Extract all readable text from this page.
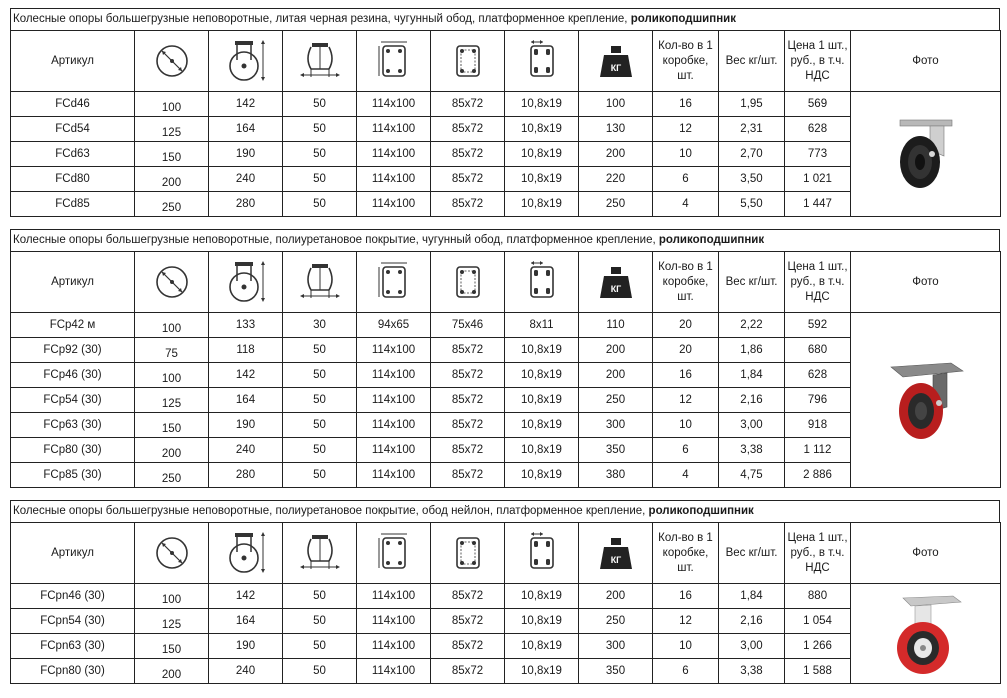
Колесные опоры большегрузные неповоротные, литая черная резина, чугунный обод, платформенное крепление, роликоподшипник
Артикул							КГ	Кол-во в 1 коробке, шт.	Вес кг/шт.	Цена 1 шт., руб., в т.ч. НДС	Фото
FCd46	100	142	50	114x100	85x72	10,8x19	100	16	1,95	569	

FCd54	125	164	50	114x100	85x72	10,8x19	130	12	2,31	628	
FCd63	150	190	50	114x100	85x72	10,8x19	200	10	2,70	773	
FCd80	200	240	50	114x100	85x72	10,8x19	220	6	3,50	1 021	
FCd85	250	280	50	114x100	85x72	10,8x19	250	4	5,50	1 447	
Колесные опоры большегрузные неповоротные, полиуретановое покрытие, чугунный обод, платформенное крепление, роликоподшипник
Артикул							КГ	Кол-во в 1 коробке, шт.	Вес кг/шт.	Цена 1 шт., руб., в т.ч. НДС	Фото
FCp42 м	100	133	30	94x65	75x46	8x11	110	20	2,22	592	

FCp92 (30)	75	118	50	114x100	85x72	10,8x19	200	20	1,86	680	
FCp46 (30)	100	142	50	114x100	85x72	10,8x19	200	16	1,84	628	
FCp54 (30)	125	164	50	114x100	85x72	10,8x19	250	12	2,16	796	
FCp63 (30)	150	190	50	114x100	85x72	10,8x19	300	10	3,00	918	
FCp80 (30)	200	240	50	114x100	85x72	10,8x19	350	6	3,38	1 112	
FCp85 (30)	250	280	50	114x100	85x72	10,8x19	380	4	4,75	2 886	
Колесные опоры большегрузные неповоротные, полиуретановое покрытие, обод нейлон, платформенное крепление, роликоподшипник
Артикул							КГ	Кол-во в 1 коробке, шт.	Вес кг/шт.	Цена 1 шт., руб., в т.ч. НДС	Фото
FCpn46 (30)	100	142	50	114x100	85x72	10,8x19	200	16	1,84	880	

FCpn54 (30)	125	164	50	114x100	85x72	10,8x19	250	12	2,16	1 054	
FCpn63 (30)	150	190	50	114x100	85x72	10,8x19	300	10	3,00	1 266	
FCpn80 (30)	200	240	50	114x100	85x72	10,8x19	350	6	3,38	1 588	
